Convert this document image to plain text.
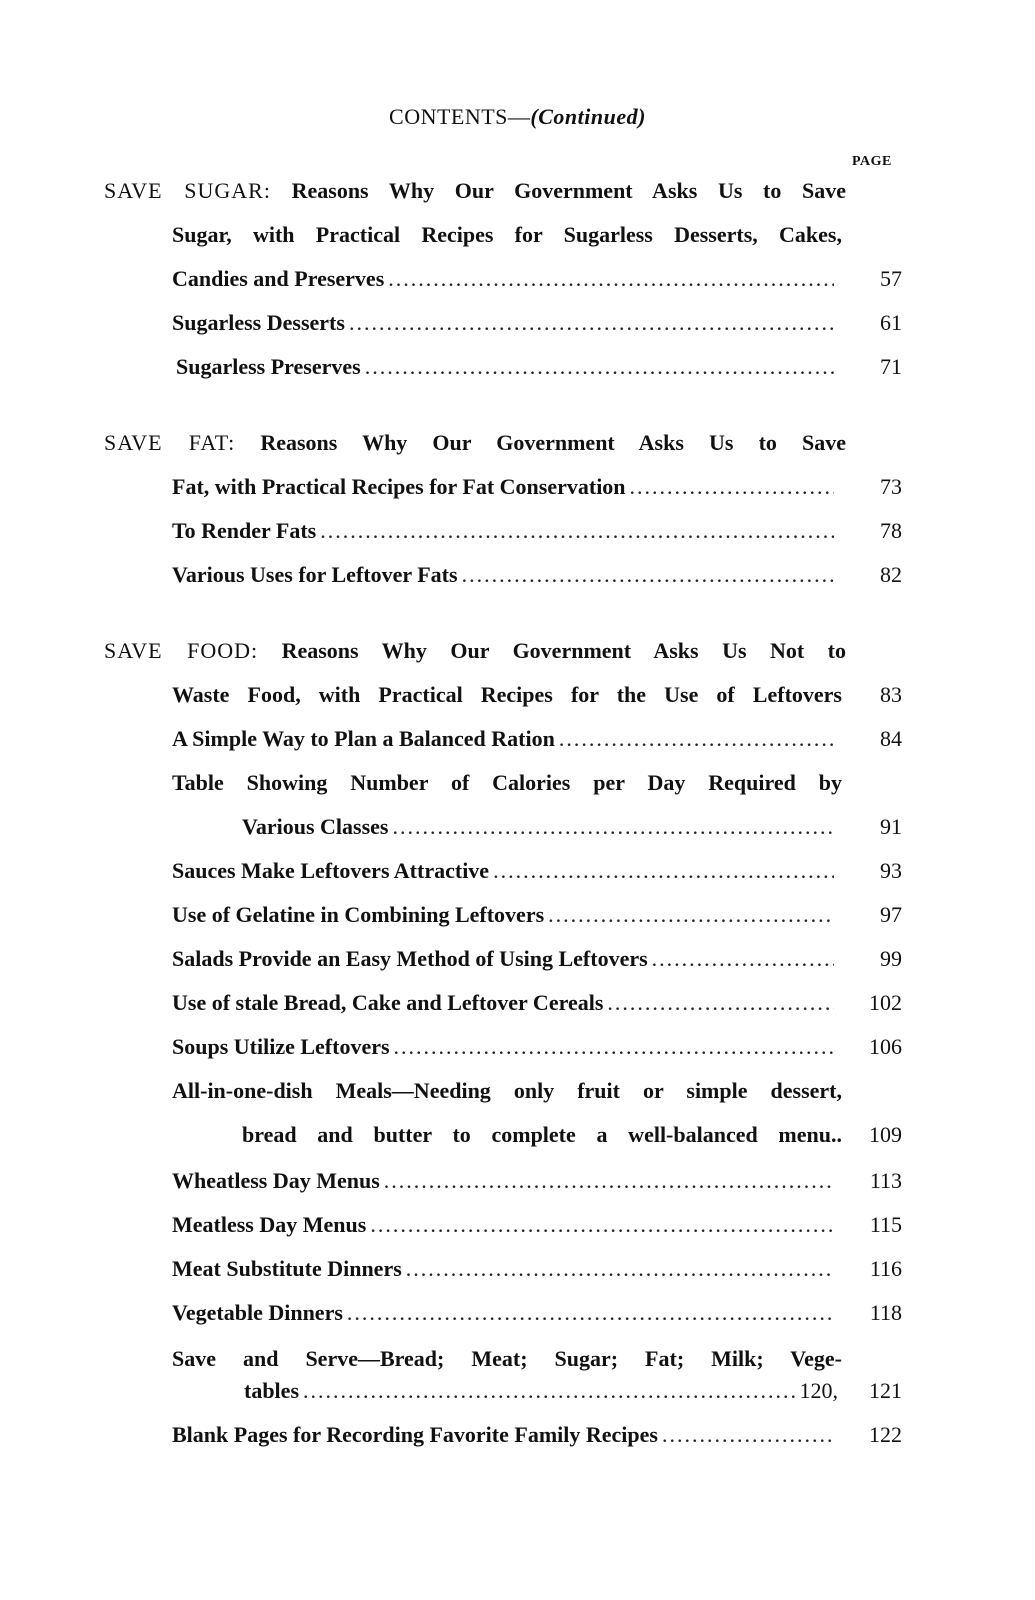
CONTENTS—(Continued)
PAGE
SAVE SUGAR: Reasons Why Our Government Asks Us to Save
Sugar, with Practical Recipes for Sugarless Desserts, Cakes,
Candies and Preserves .....	57
Sugarless Desserts .....	61
Sugarless Preserves .....	71
SAVE FAT: Reasons Why Our Government Asks Us to Save
Fat, with Practical Recipes for Fat Conservation .....	73
To Render Fats .....	78
Various Uses for Leftover Fats .....	82
SAVE FOOD: Reasons Why Our Government Asks Us Not to
Waste Food, with Practical Recipes for the Use of Leftovers	83
A Simple Way to Plan a Balanced Ration .....	84
Table Showing Number of Calories per Day Required by
Various Classes .....	91
Sauces Make Leftovers Attractive .....	93
Use of Gelatine in Combining Leftovers .....	97
Salads Provide an Easy Method of Using Leftovers .....	99
Use of stale Bread, Cake and Leftover Cereals .....	102
Soups Utilize Leftovers .....	106
All-in-one-dish Meals—Needing only fruit or simple dessert,
bread and butter to complete a well-balanced menu..	109
Wheatless Day Menus .....	113
Meatless Day Menus .....	115
Meat Substitute Dinners .....	116
Vegetable Dinners .....	118
Save and Serve—Bread; Meat; Sugar; Fat; Milk; Vege-
tables .....	120,	121
Blank Pages for Recording Favorite Family Recipes .....	122
